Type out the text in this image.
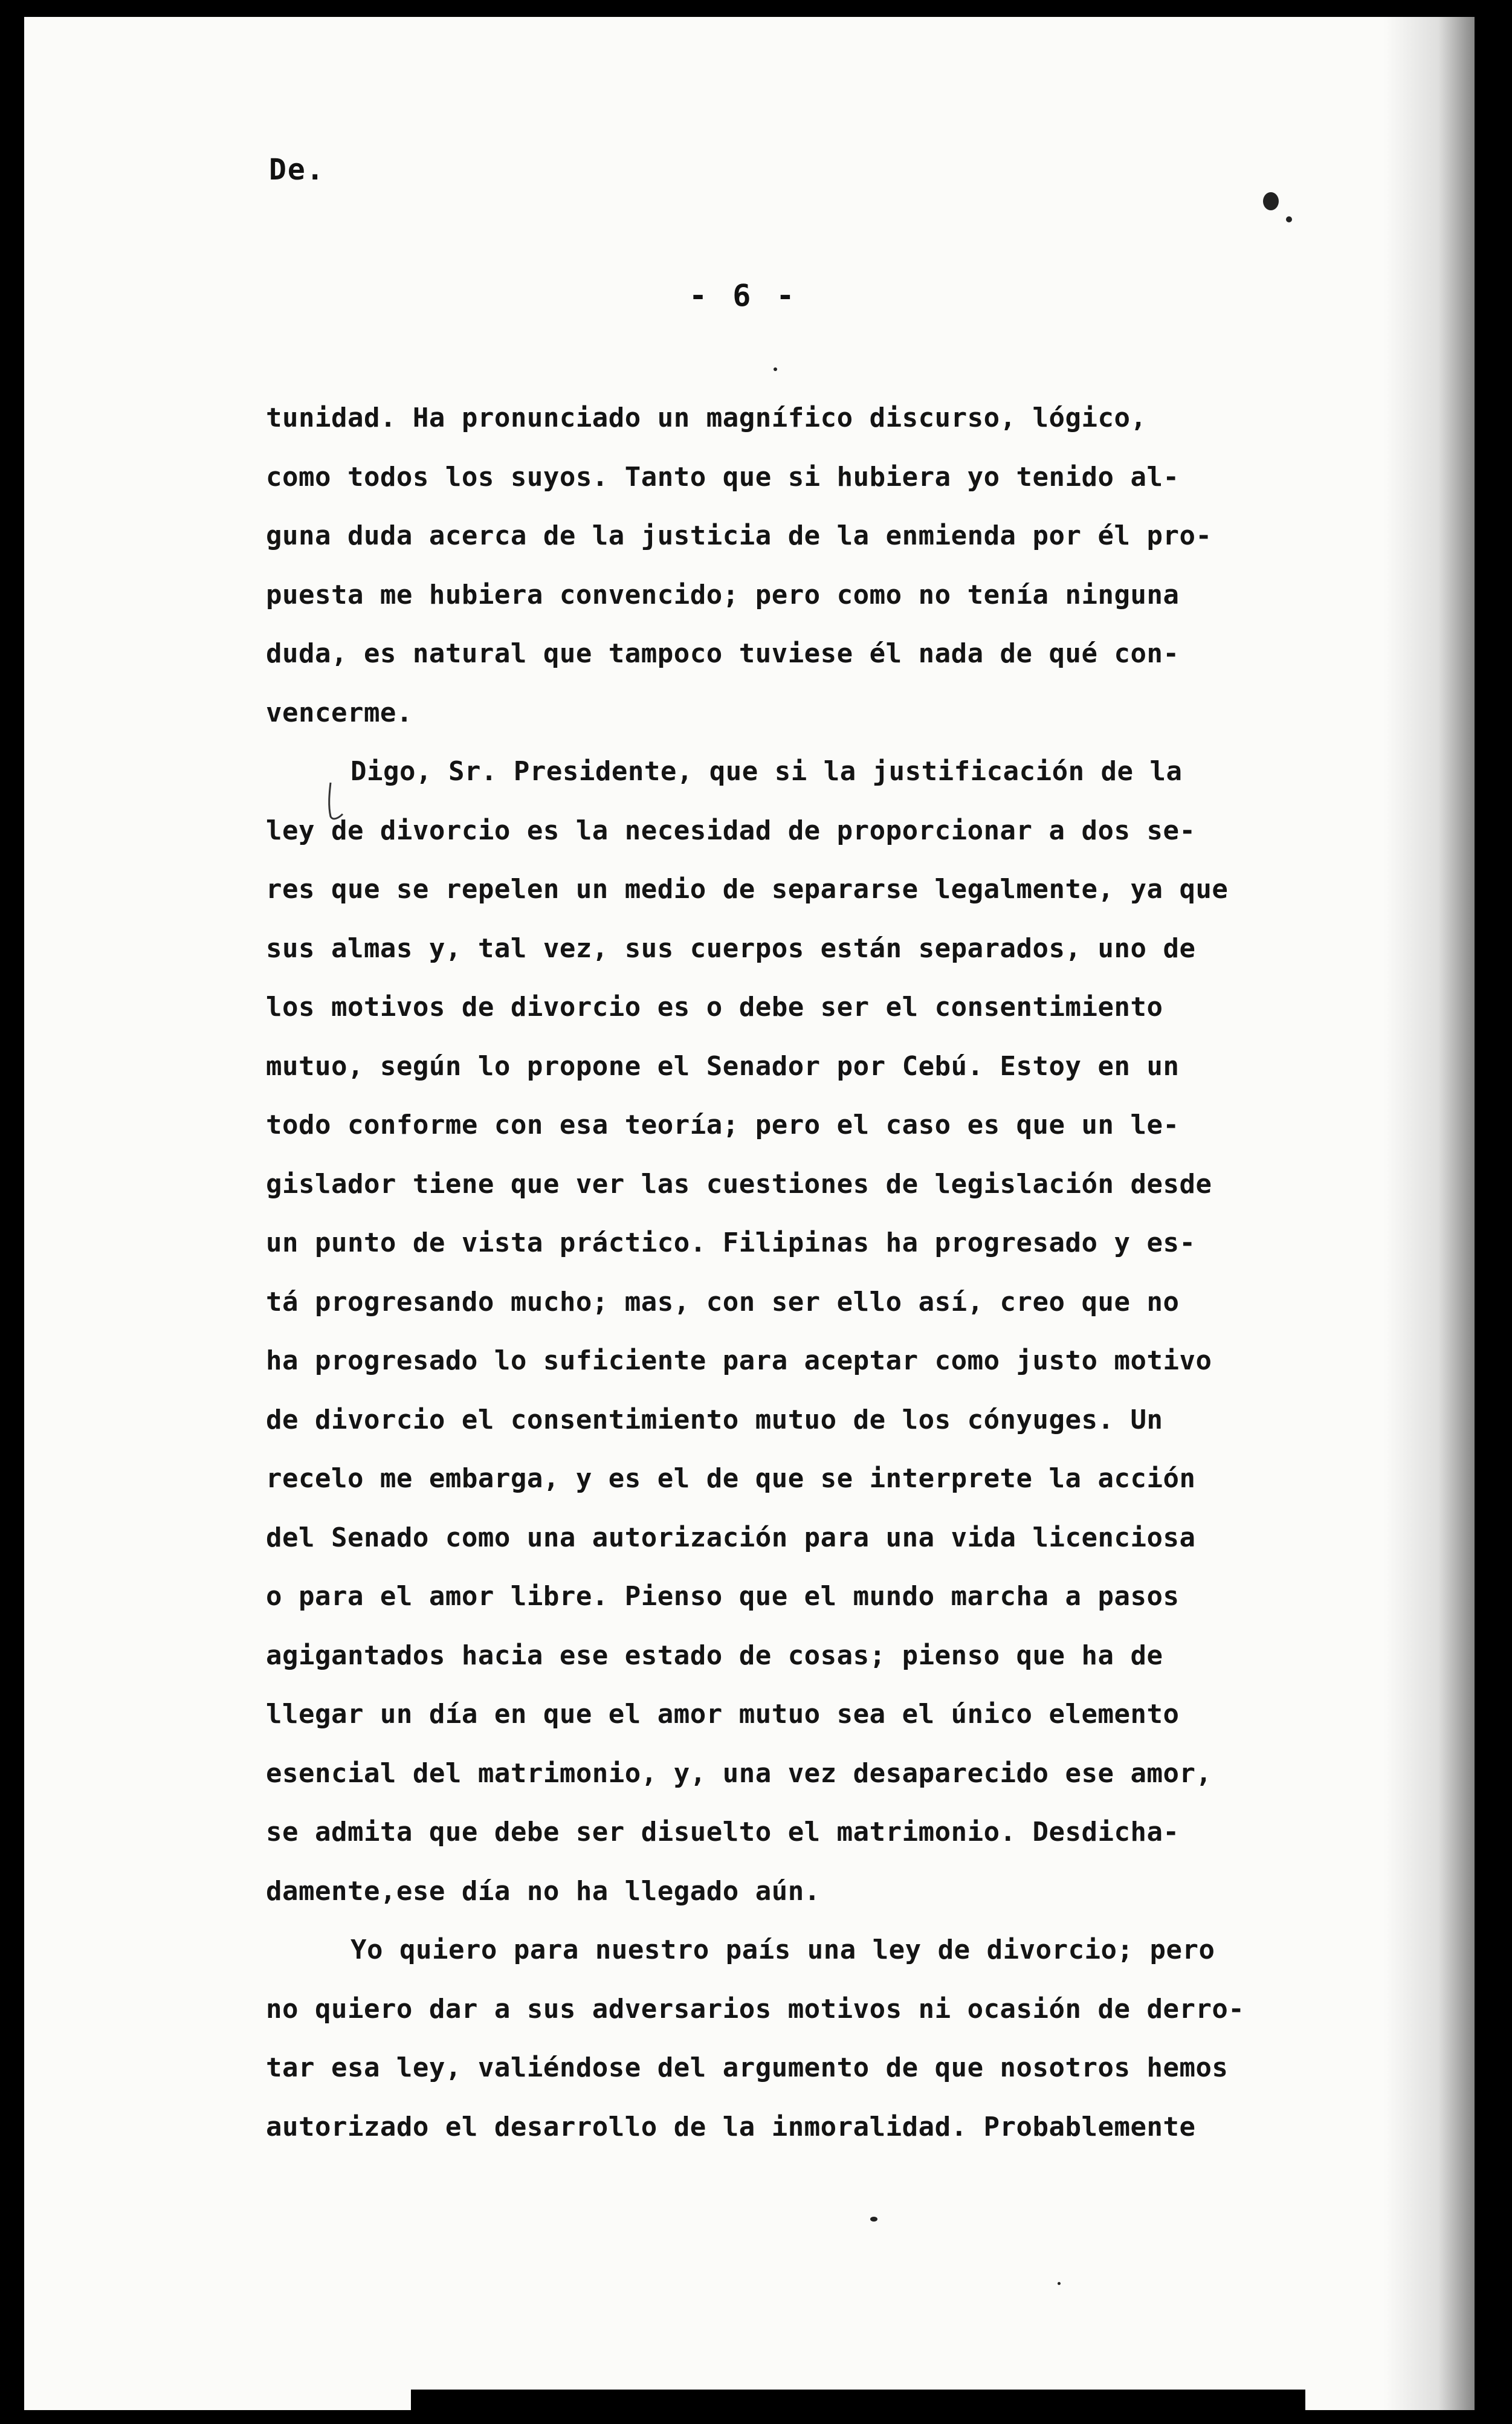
De.
- 6 -
tunidad. Ha pronunciado un magnífico discurso, lógico,
como todos los suyos. Tanto que si hubiera yo tenido al-
guna duda acerca de la justicia de la enmienda por él pro-
puesta me hubiera convencido; pero como no tenía ninguna
duda, es natural que tampoco tuviese él nada de qué con-
vencerme.
Digo, Sr. Presidente, que si la justificación de la
ley de divorcio es la necesidad de proporcionar a dos se-
res que se repelen un medio de separarse legalmente, ya que
sus almas y, tal vez, sus cuerpos están separados, uno de
los motivos de divorcio es o debe ser el consentimiento
mutuo, según lo propone el Senador por Cebú. Estoy en un
todo conforme con esa teoría; pero el caso es que un le-
gislador tiene que ver las cuestiones de legislación desde
un punto de vista práctico. Filipinas ha progresado y es-
tá progresando mucho; mas, con ser ello así, creo que no
ha progresado lo suficiente para aceptar como justo motivo
de divorcio el consentimiento mutuo de los cónyuges. Un
recelo me embarga, y es el de que se interprete la acción
del Senado como una autorización para una vida licenciosa
o para el amor libre. Pienso que el mundo marcha a pasos
agigantados hacia ese estado de cosas; pienso que ha de
llegar un día en que el amor mutuo sea el único elemento
esencial del matrimonio, y, una vez desaparecido ese amor,
se admita que debe ser disuelto el matrimonio. Desdicha-
damente,ese día no ha llegado aún.
Yo quiero para nuestro país una ley de divorcio; pero
no quiero dar a sus adversarios motivos ni ocasión de derro-
tar esa ley, valiéndose del argumento de que nosotros hemos
autorizado el desarrollo de la inmoralidad. Probablemente
